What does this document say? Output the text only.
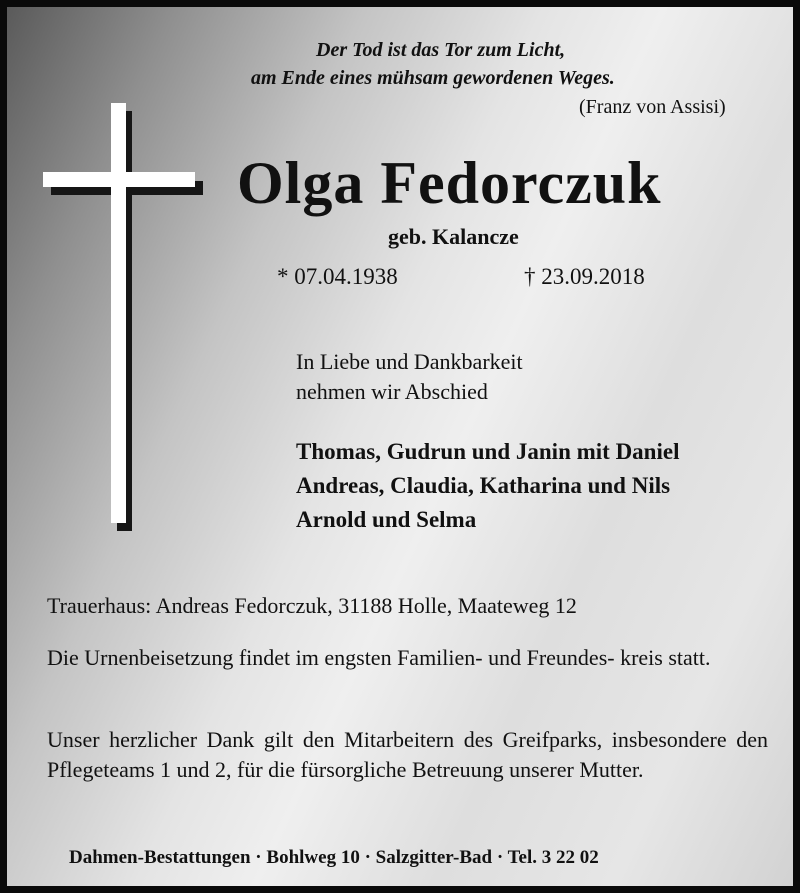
Der Tod ist das Tor zum Licht,
am Ende eines mühsam gewordenen Weges.
(Franz von Assisi)
Olga Fedorczuk
geb. Kalancze
* 07.04.1938	† 23.09.2018
In Liebe und Dankbarkeit
nehmen wir Abschied
Thomas, Gudrun und Janin mit Daniel
Andreas, Claudia, Katharina und Nils
Arnold und Selma
Trauerhaus: Andreas Fedorczuk, 31188 Holle, Maateweg 12
Die Urnenbeisetzung findet im engsten Familien- und Freundes- kreis statt.
Unser herzlicher Dank gilt den Mitarbeitern des Greifparks, insbesondere den Pflegeteams 1 und 2, für die fürsorgliche Betreuung unserer Mutter.
Dahmen-Bestattungen · Bohlweg 10 · Salzgitter-Bad · Tel. 3 22 02
